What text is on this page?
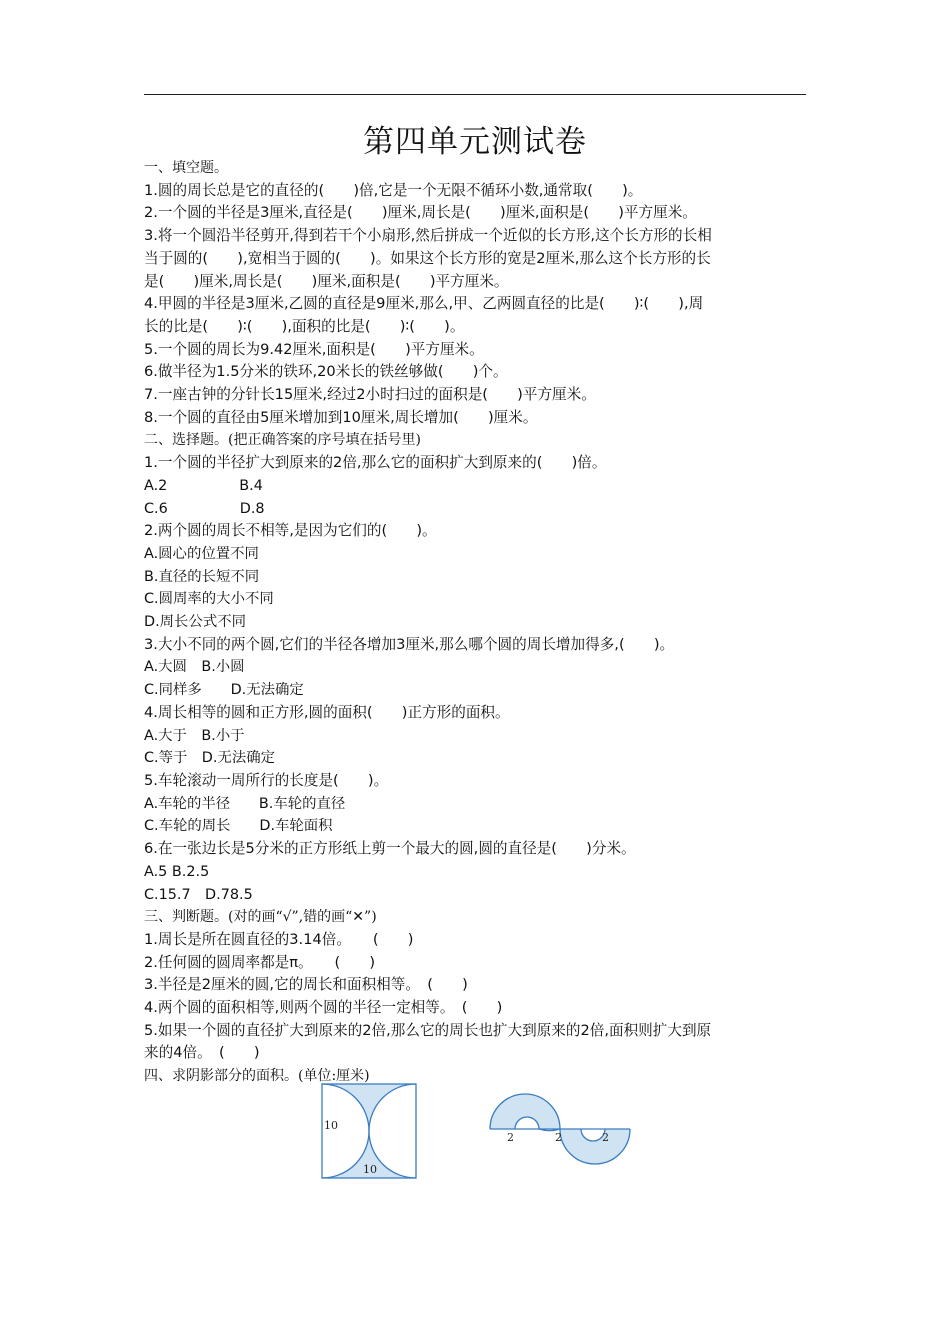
第四单元测试卷
一、填空题。
1.圆的周长总是它的直径的(　　)倍,它是一个无限不循环小数,通常取(　　)。
2.一个圆的半径是3厘米,直径是(　　)厘米,周长是(　　)厘米,面积是(　　)平方厘米。
3.将一个圆沿半径剪开,得到若干个小扇形,然后拼成一个近似的长方形,这个长方形的长相
当于圆的(　　),宽相当于圆的(　　)。如果这个长方形的宽是2厘米,那么这个长方形的长
是(　　)厘米,周长是(　　)厘米,面积是(　　)平方厘米。
4.甲圆的半径是3厘米,乙圆的直径是9厘米,那么,甲、乙两圆直径的比是(　　)∶(　　),周
长的比是(　　)∶(　　),面积的比是(　　)∶(　　)。
5.一个圆的周长为9.42厘米,面积是(　　)平方厘米。
6.做半径为1.5分米的铁环,20米长的铁丝够做(　　)个。
7.一座古钟的分针长15厘米,经过2小时扫过的面积是(　　)平方厘米。
8.一个圆的直径由5厘米增加到10厘米,周长增加(　　)厘米。
二、选择题。(把正确答案的序号填在括号里)
1.一个圆的半径扩大到原来的2倍,那么它的面积扩大到原来的(　　)倍。
A.2　　　　　B.4
C.6　　　　　D.8
2.两个圆的周长不相等,是因为它们的(　　)。
A.圆心的位置不同
B.直径的长短不同
C.圆周率的大小不同
D.周长公式不同
3.大小不同的两个圆,它们的半径各增加3厘米,那么哪个圆的周长增加得多,(　　)。
A.大圆　B.小圆
C.同样多　　D.无法确定
4.周长相等的圆和正方形,圆的面积(　　)正方形的面积。
A.大于　B.小于
C.等于　D.无法确定
5.车轮滚动一周所行的长度是(　　)。
A.车轮的半径　　B.车轮的直径
C.车轮的周长　　D.车轮面积
6.在一张边长是5分米的正方形纸上剪一个最大的圆,圆的直径是(　　)分米。
A.5 B.2.5
C.15.7　D.78.5
三、判断题。(对的画“√”,错的画“✕”)
1.周长是所在圆直径的3.14倍。　　(　　)
2.任何圆的圆周率都是π。　　(　　)
3.半径是2厘米的圆,它的周长和面积相等。　(　　)
4.两个圆的面积相等,则两个圆的半径一定相等。　(　　)
5.如果一个圆的直径扩大到原来的2倍,那么它的周长也扩大到原来的2倍,面积则扩大到原
来的4倍。　(　　)
四、求阴影部分的面积。(单位:厘米)
10
10
2	2	2
